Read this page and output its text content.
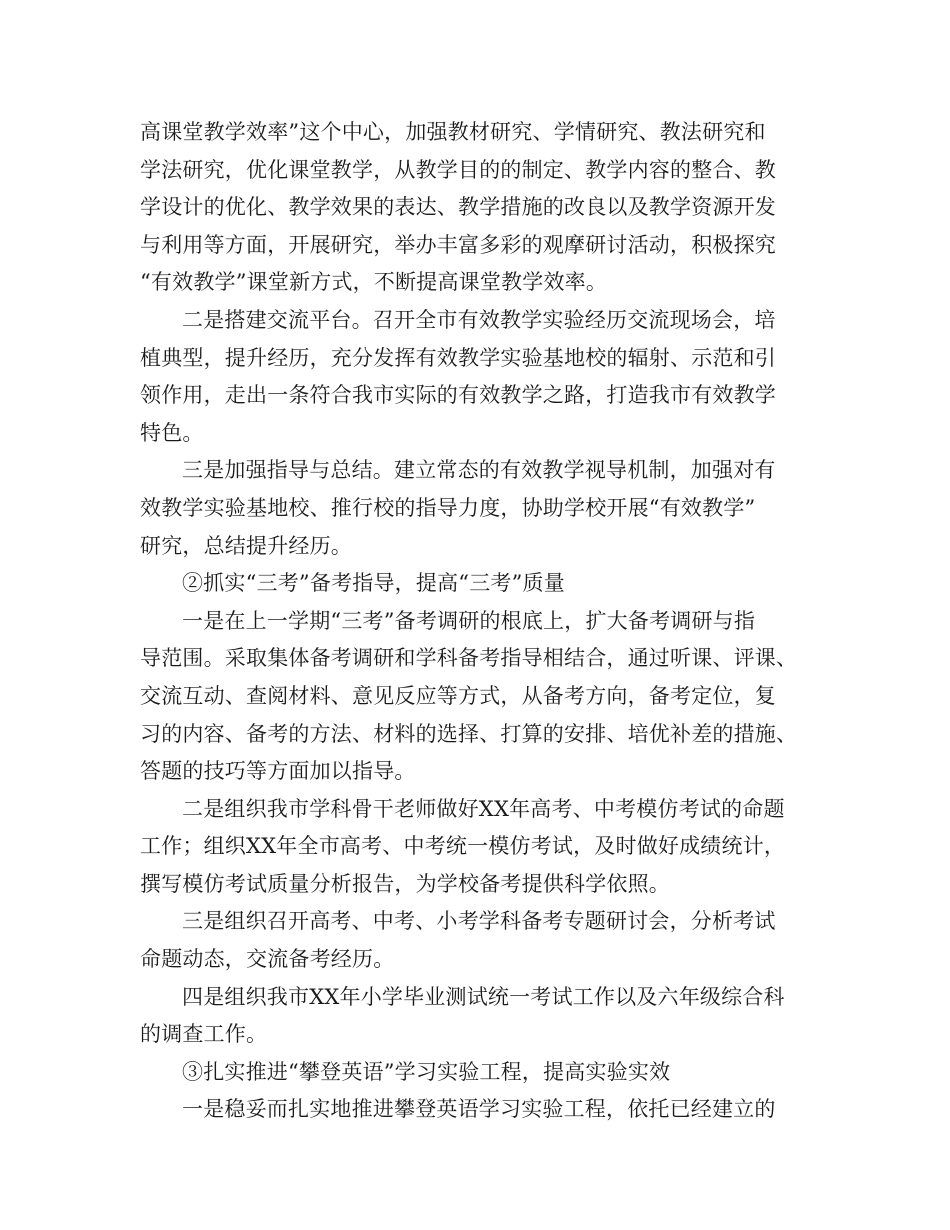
高课堂教学效率”这个中心，加强教材研究、学情研究、教法研究和
学法研究，优化课堂教学，从教学目的的制定、教学内容的整合、教
学设计的优化、教学效果的表达、教学措施的改良以及教学资源开发
与利用等方面，开展研究，举办丰富多彩的观摩研讨活动，积极探究
“有效教学”课堂新方式，不断提高课堂教学效率。
二是搭建交流平台。召开全市有效教学实验经历交流现场会，培
植典型，提升经历，充分发挥有效教学实验基地校的辐射、示范和引
领作用，走出一条符合我市实际的有效教学之路，打造我市有效教学
特色。
三是加强指导与总结。建立常态的有效教学视导机制，加强对有
效教学实验基地校、推行校的指导力度，协助学校开展“有效教学”
研究，总结提升经历。
②抓实“三考”备考指导，提高“三考”质量
一是在上一学期“三考”备考调研的根底上，扩大备考调研与指
导范围。采取集体备考调研和学科备考指导相结合，通过听课、评课、
交流互动、查阅材料、意见反应等方式，从备考方向，备考定位，复
习的内容、备考的方法、材料的选择、打算的安排、培优补差的措施、
答题的技巧等方面加以指导。
二是组织我市学科骨干老师做好XX年高考、中考模仿考试的命题
工作；组织XX年全市高考、中考统一模仿考试，及时做好成绩统计，
撰写模仿考试质量分析报告，为学校备考提供科学依照。
三是组织召开高考、中考、小考学科备考专题研讨会，分析考试
命题动态，交流备考经历。
四是组织我市XX年小学毕业测试统一考试工作以及六年级综合科
的调查工作。
③扎实推进“攀登英语”学习实验工程，提高实验实效
一是稳妥而扎实地推进攀登英语学习实验工程，依托已经建立的
